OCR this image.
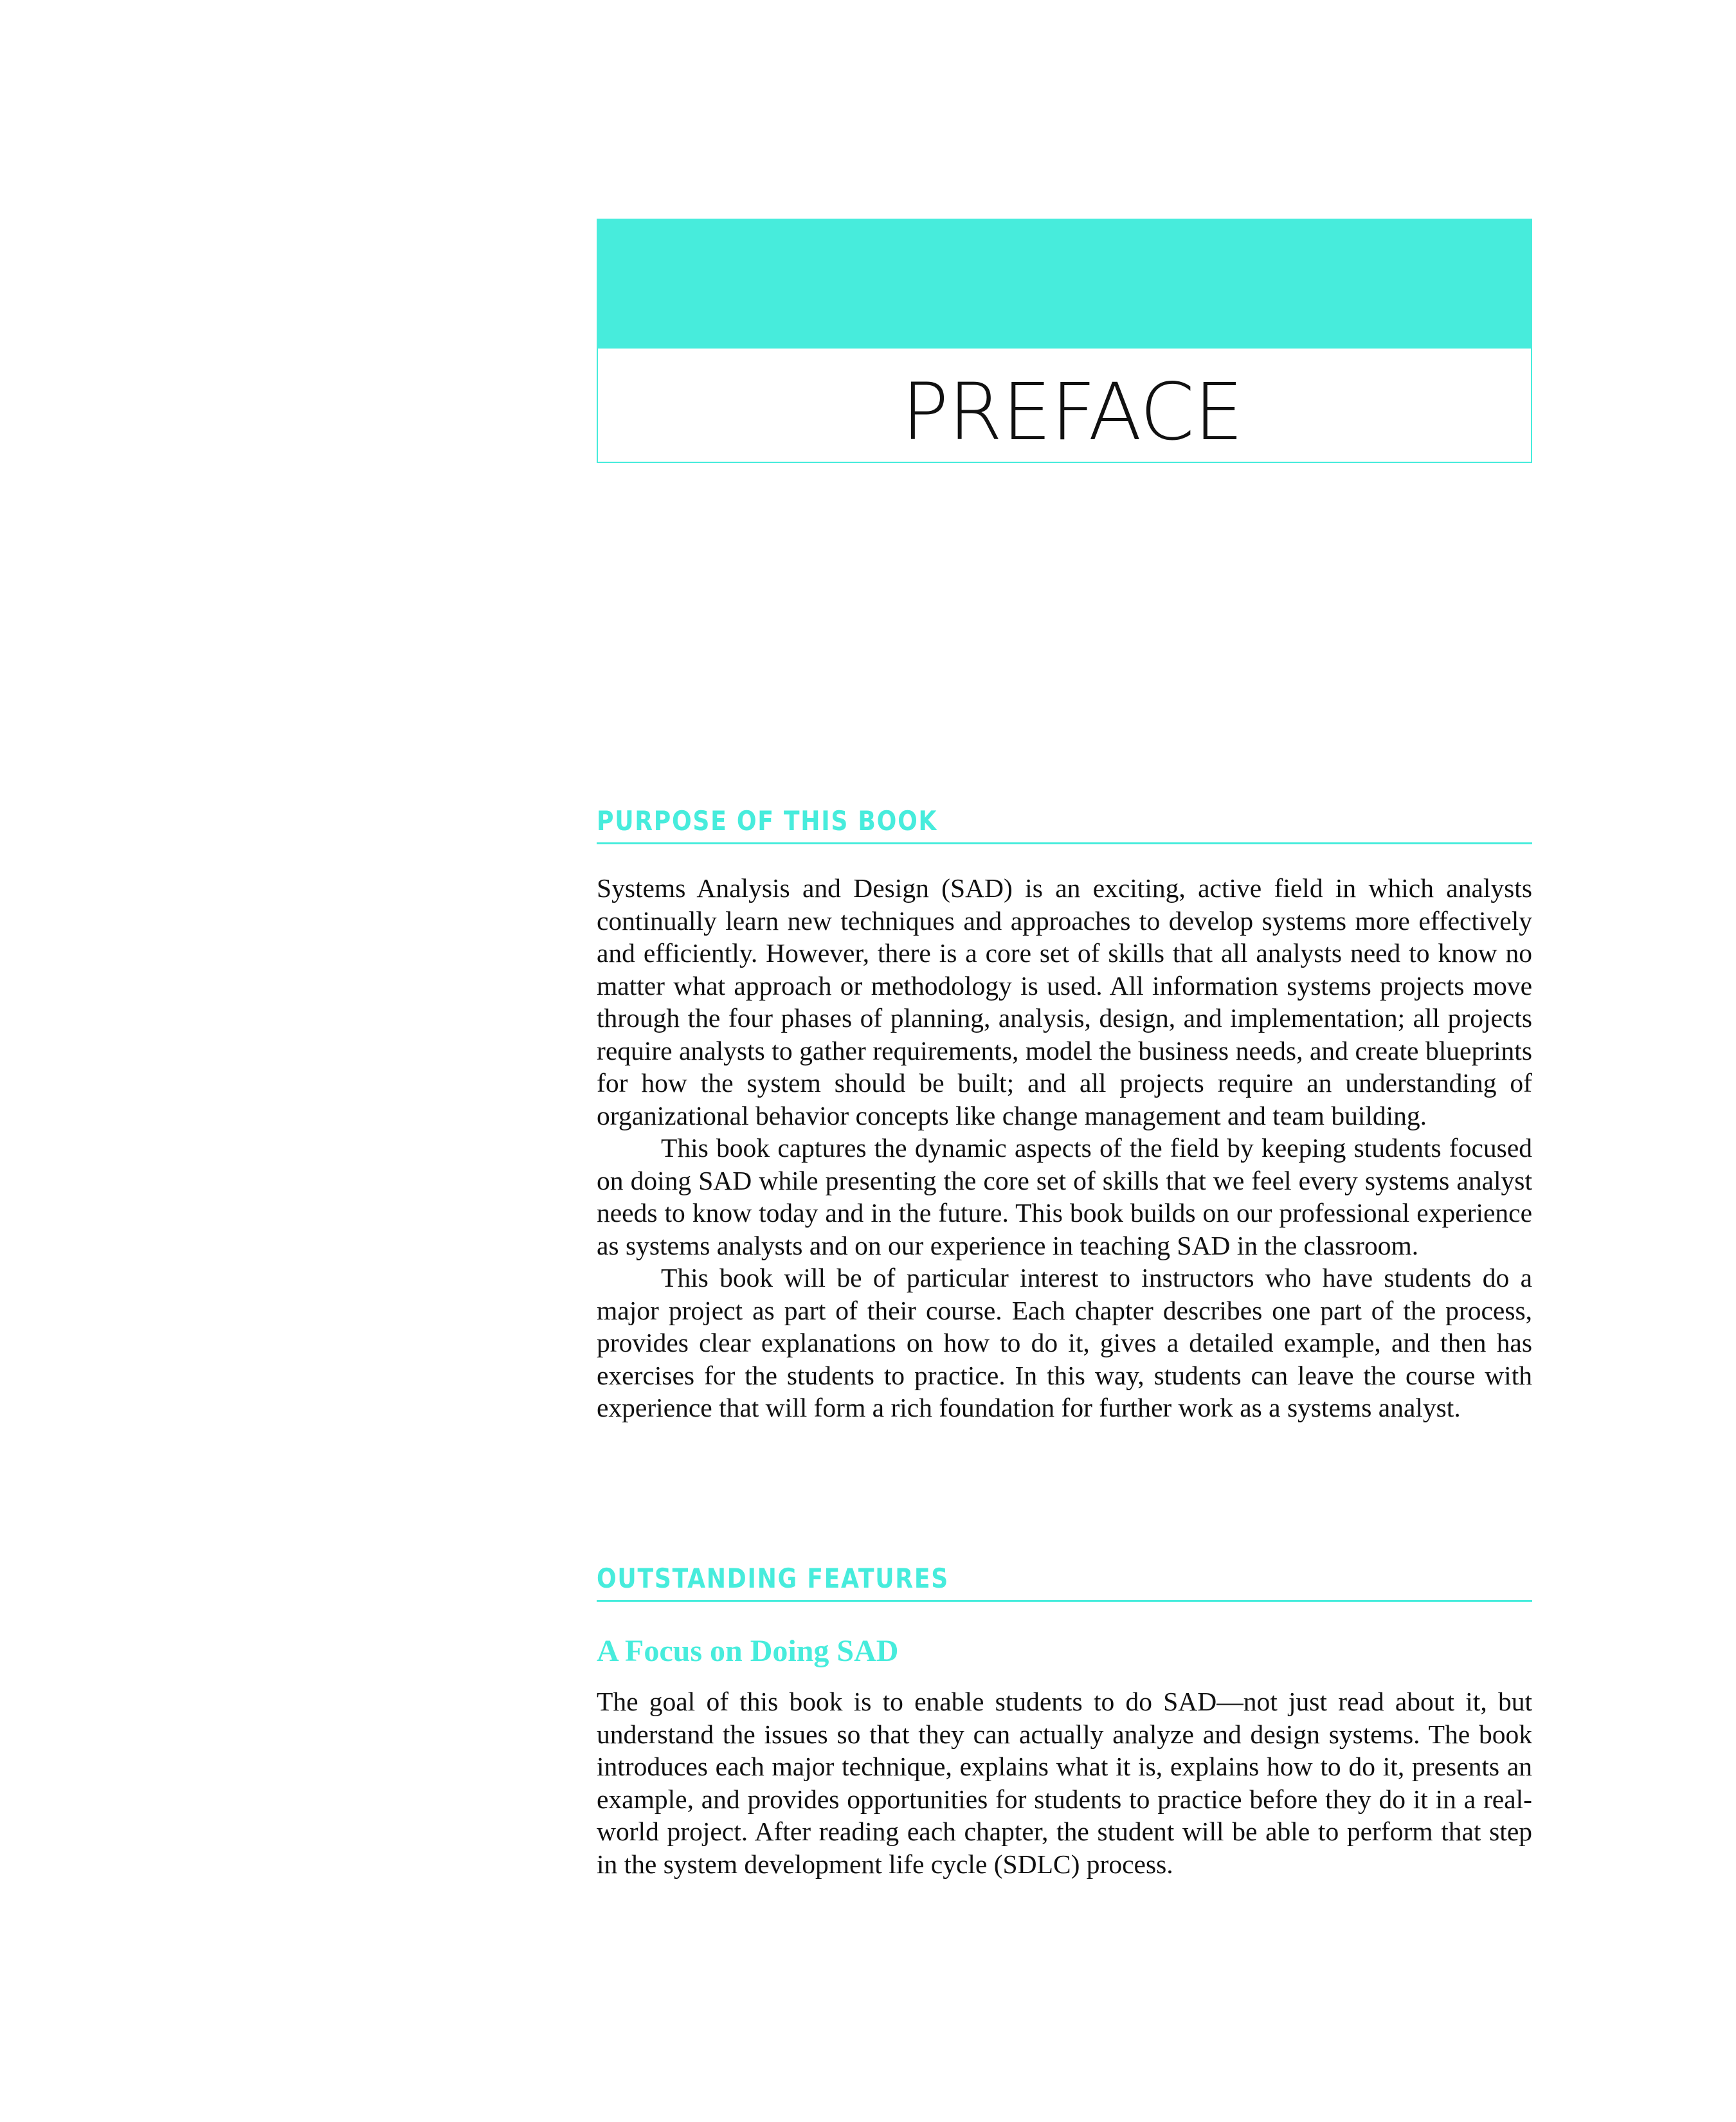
PREFACE
PURPOSE OF THIS BOOK

Systems Analysis and Design (SAD) is an exciting, active field in which analysts continually learn new techniques and approaches to develop systems more effectively and efficiently. However, there is a core set of skills that all analysts need to know no matter what approach or methodology is used. All information systems projects move through the four phases of planning, analysis, design, and implementation; all projects require analysts to gather requirements, model the business needs, and create blueprints for how the system should be built; and all projects require an understanding of organizational behavior concepts like change management and team building.

This book captures the dynamic aspects of the field by keeping students focused on doing SAD while presenting the core set of skills that we feel every systems analyst needs to know today and in the future. This book builds on our professional experience as systems analysts and on our experience in teaching SAD in the classroom.

This book will be of particular interest to instructors who have students do a major project as part of their course. Each chapter describes one part of the process, provides clear explanations on how to do it, gives a detailed example, and then has exercises for the students to practice. In this way, students can leave the course with experience that will form a rich foundation for further work as a systems analyst.

OUTSTANDING FEATURES
A Focus on Doing SAD

The goal of this book is to enable students to do SAD—not just read about it, but understand the issues so that they can actually analyze and design systems. The book introduces each major technique, explains what it is, explains how to do it, presents an example, and provides opportunities for students to practice before they do it in a real-world project. After reading each chapter, the student will be able to perform that step in the system development life cycle (SDLC) process.
